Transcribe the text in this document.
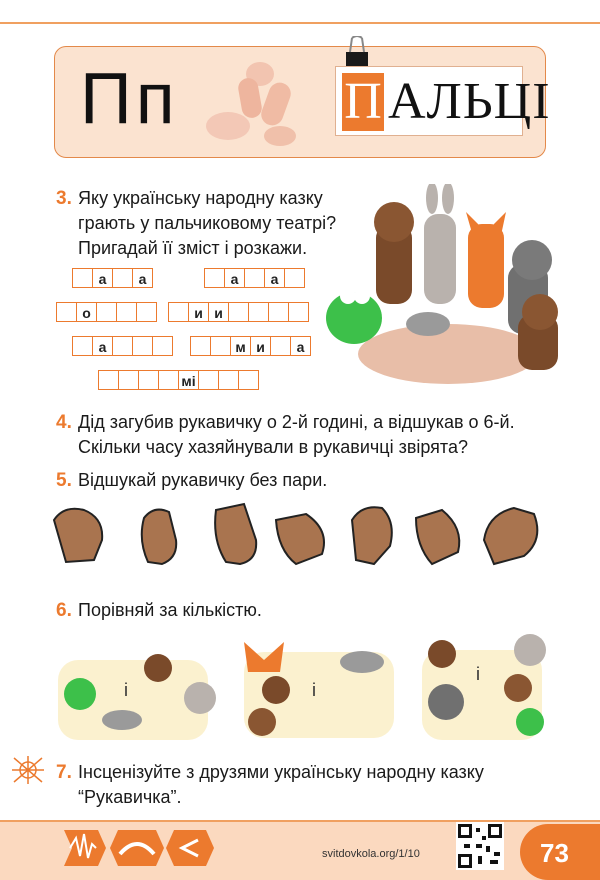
Пп	П АЛЬЦІ
3. Яку українську народну казку
грають у пальчиковому театрі?
Пригадай її зміст і розкажи.
а	а	а	а
о	и и
а	м и	а
мі
4. Дід загубив рукавичку о 2-й годині, а відшукав о 6-й.
Скільки часу хазяйнували в рукавичці звірята?
5. Відшукай рукавичку без пари.
6. Порівняй за кількістю.
і	і
і
7. Інсценізуйте з друзями українську народну казку
“Рукавичка”.
svitdovkola.org/1/10	73
